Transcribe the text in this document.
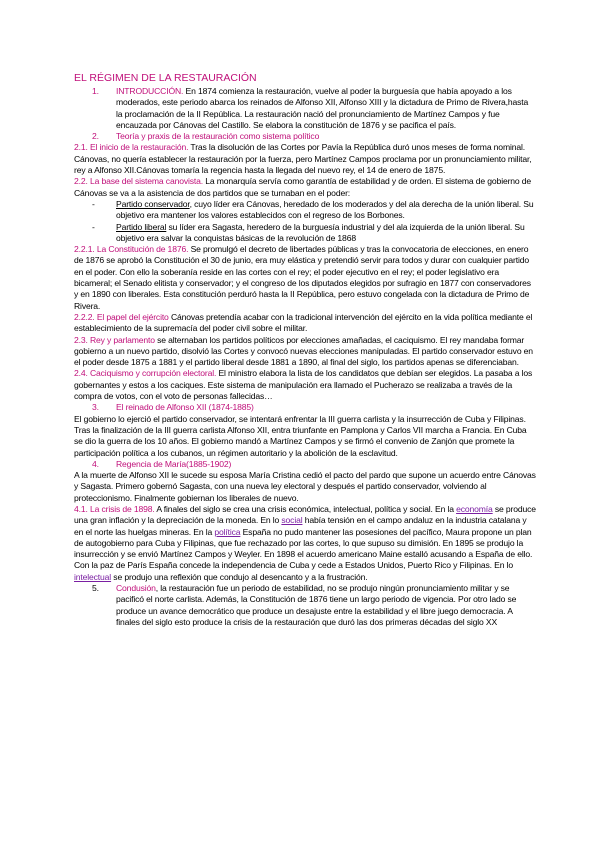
EL RÉGIMEN DE LA RESTAURACIÓN

1.	INTRODUCCIÓN. En 1874 comienza la restauración, vuelve al poder la burguesía que había apoyado a los moderados, este periodo abarca los reinados de Alfonso XII, Alfonso XIII y la dictadura de Primo de Rivera,hasta la proclamación de la II República. La restauración nació del pronunciamiento de Martínez Campos y fue encauzada por Cánovas del Castillo. Se elabora la constitución de 1876 y se pacifica el país.
2.	Teoría y praxis de la restauración como sistema político

2.1. El inicio de la restauración. Tras la disolución de las Cortes por Pavía la República duró unos meses de forma nominal. Cánovas, no quería establecer la restauración por la fuerza, pero Martínez Campos proclama por un pronunciamiento militar, rey a Alfonso XII.Cánovas tomaría la regencia hasta la llegada del nuevo rey, el 14 de enero de 1875.

2.2. La base del sistema canovista. La monarquía servía como garantía de estabilidad y de orden. El sistema de gobierno de Cánovas se va a la asistencia de dos partidos que se turnaban en el poder:

-	Partido conservador, cuyo líder era Cánovas, heredado de los moderados y del ala derecha de la unión liberal. Su objetivo era mantener los valores establecidos con el regreso de los Borbones.
-	Partido liberal su líder era Sagasta, heredero de la burguesía industrial y del ala izquierda de la unión liberal. Su objetivo era salvar la conquistas básicas de la revolución de 1868

2.2.1. La Constitución de 1876. Se promulgó el decreto de libertades públicas y tras la convocatoria de elecciones, en enero de 1876 se aprobó la Constitución el 30 de junio, era muy elástica y pretendió servir para todos y durar con cualquier partido en el poder. Con ello la soberanía reside en las cortes con el rey; el poder ejecutivo en el rey; el poder legislativo era bicameral; el Senado elitista y conservador; y el congreso de los diputados elegidos por sufragio en 1877 con conservadores y en 1890 con liberales. Esta constitución perduró hasta la II República, pero estuvo congelada con la dictadura de Primo de Rivera.

2.2.2. El papel del ejército Cánovas pretendía acabar con la tradicional intervención del ejército en la vida política mediante el establecimiento de la supremacía del poder civil sobre el militar.

2.3. Rey y parlamento se alternaban los partidos políticos por elecciones amañadas, el caciquismo. El rey mandaba formar gobierno a un nuevo partido, disolvió las Cortes y convocó nuevas elecciones manipuladas. El partido conservador estuvo en el poder desde 1875 a 1881 y el partido liberal desde 1881 a 1890, al final del siglo, los partidos apenas se diferenciaban.

2.4. Caciquismo y corrupción electoral. El ministro elabora la lista de los candidatos que debían ser elegidos. La pasaba a los gobernantes y estos a los caciques. Este sistema de manipulación era llamado el Pucherazo se realizaba a través de la compra de votos, con el voto de personas fallecidas…

3.	El reinado de Alfonso XII (1874-1885)

El gobierno lo ejerció el partido conservador, se intentará enfrentar la III guerra carlista y la insurrección de Cuba y Filipinas. Tras la finalización de la III guerra carlista Alfonso XII, entra triunfante en Pamplona y Carlos VII marcha a Francia. En Cuba se dio la guerra de los 10 años. El gobierno mandó a Martínez Campos y se firmó el convenio de Zanjón que promete la participación política a los cubanos, un régimen autoritario y la abolición de la esclavitud.

4.	Regencia de María(1885-1902)

A la muerte de Alfonso XII le sucede su esposa María Cristina cedió el pacto del pardo que supone un acuerdo entre Cánovas y Sagasta. Primero gobernó Sagasta, con una nueva ley electoral y después el partido conservador, volviendo al proteccionismo. Finalmente gobiernan los liberales de nuevo.

4.1. La crisis de 1898. A finales del siglo se crea una crisis económica, intelectual, política y social. En la economía se produce una gran inflación y la depreciación de la moneda. En lo social había tensión en el campo andaluz en la industria catalana y en el norte las huelgas mineras. En la política España no pudo mantener las posesiones del pacífico, Maura propone un plan de autogobierno para Cuba y Filipinas, que fue rechazado por las cortes, lo que supuso su dimisión. En 1895 se produjo la insurrección y se envió Martínez Campos y Weyler. En 1898 el acuerdo americano Maine estalló acusando a España de ello. Con la paz de París España concede la independencia de Cuba y cede a Estados Unidos, Puerto Rico y Filipinas. En lo intelectual se produjo una reflexión que condujo al desencanto y a la frustración.

5.	Condusión, la restauración fue un periodo de estabilidad, no se produjo ningún pronunciamiento militar y se pacificó el norte carlista. Además, la Constitución de 1876 tiene un largo periodo de vigencia. Por otro lado se produce un avance democrático que produce un desajuste entre la estabilidad y el libre juego democracia. A finales del siglo esto produce la crisis de la restauración que duró las dos primeras décadas del siglo XX
